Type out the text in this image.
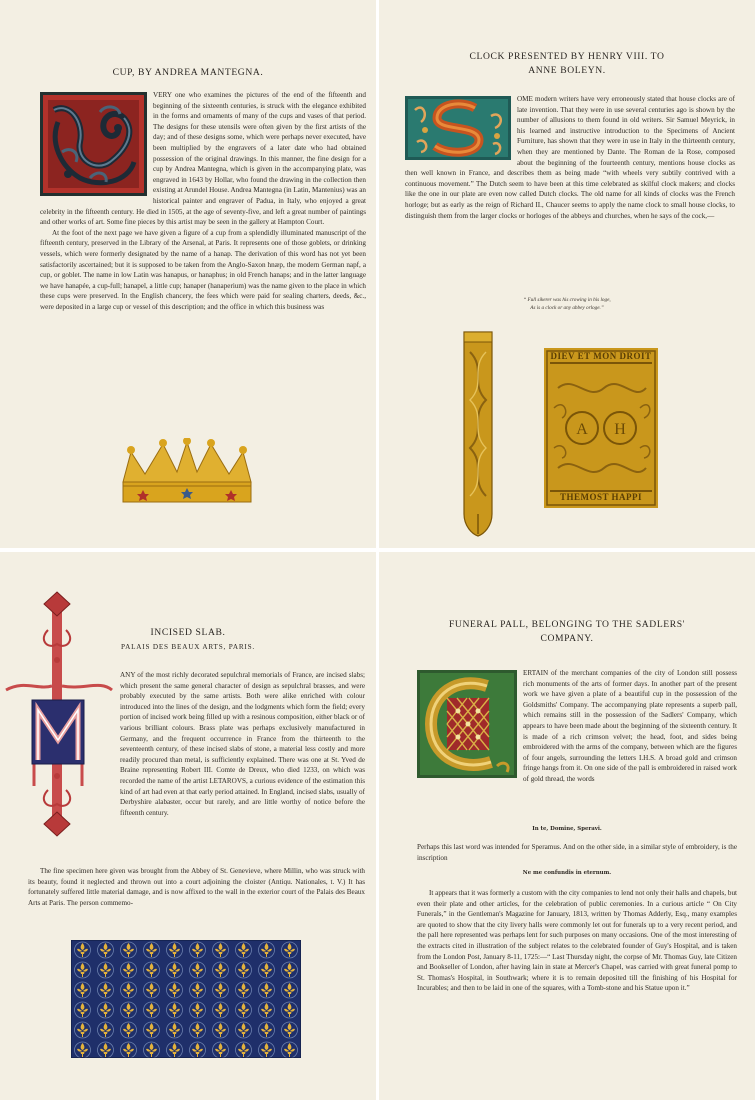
CUP, BY ANDREA MANTEGNA.

VERY one who examines the pictures of the end of the fifteenth and beginning of the sixteenth centuries, is struck with the elegance exhibited in the forms and ornaments of many of the cups and vases of that period. The designs for these utensils were often given by the first artists of the day; and of these designs some, which were perhaps never executed, have been multiplied by the engravers of a later date who had obtained possession of the original drawings. In this manner, the fine design for a cup by Andrea Mantegna, which is given in the accompanying plate, was engraved in 1643 by Hollar, who found the drawing in the collection then existing at Arundel House. Andrea Mantegna (in Latin, Mantenius) was an historical painter and engraver of Padua, in Italy, who enjoyed a great celebrity in the fifteenth century. He died in 1505, at the age of seventy-five, and left a great number of paintings and other works of art. Some fine pieces by this artist may be seen in the gallery at Hampton Court.

At the foot of the next page we have given a figure of a cup from a splendidly illuminated manuscript of the fifteenth century, preserved in the Library of the Arsenal, at Paris. It represents one of those goblets, or drinking vessels, which were formerly designated by the name of a hanap. The derivation of this word has not yet been satisfactorily ascertained; but it is supposed to be taken from the Anglo-Saxon hnæp, the modern German napf, a cup, or goblet. The name in low Latin was hanapus, or hanaphus; in old French hanaps; and in the latter language we have hanapée, a cup-full; hanapel, a little cup; hanaper (hanaperium) was the name given to the place in which these cups were preserved. In the English chancery, the fees which were paid for sealing charters, deeds, &c., were deposited in a large cup or vessel of this description; and the office in which this business was

CLOCK PRESENTED BY HENRY VIII. TO
ANNE BOLEYN.

OME modern writers have very erroneously stated that house clocks are of late invention. That they were in use several centuries ago is shown by the number of allusions to them found in old writers. Sir Samuel Meyrick, in his learned and instructive introduction to the Specimens of Ancient Furniture, has shown that they were in use in Italy in the thirteenth century, when they are mentioned by Dante. The Roman de la Rose, composed about the beginning of the fourteenth century, mentions house clocks as then well known in France, and describes them as being made “with wheels very subtily contrived with a continuous movement.” The Dutch seem to have been at this time celebrated as skilful clock makers; and clocks like the one in our plate are even now called Dutch clocks. The old name for all kinds of clocks was the French horloge; but as early as the reign of Richard II., Chaucer seems to apply the name clock to small house clocks, to distinguish them from the larger clocks or horloges of the abbeys and churches, when he says of the cock,—

“ Full sikerer was his crowing in his loge,
As is a clock or any abbey orloge.”
A H
DIEV ET MON DROIT
THEMOST HAPPI
INCISED SLAB.
PALAIS DES BEAUX ARTS, PARIS.

ANY of the most richly decorated sepulchral memorials of France, are incised slabs; which present the same general character of design as sepulchral brasses, and were probably executed by the same artists. Both were alike enriched with colour introduced into the lines of the design, and the lodgments which form the field; every portion of incised work being filled up with a resinous composition, either black or of various brilliant colours. Brass plate was perhaps exclusively manufactured in Germany, and the frequent occurrence in France from the thirteenth to the seventeenth century, of these incised slabs of stone, a material less costly and more readily procured than metal, is sufficiently explained. There was one at St. Yved de Braine representing Robert III. Comte de Dreux, who died 1233, on which was recorded the name of the artist LETAROVS, a curious evidence of the estimation this kind of art had even at that early period attained. In England, incised slabs, usually of Derbyshire alabaster, occur but rarely, and are little worthy of notice before the fifteenth century.

The fine specimen here given was brought from the Abbey of St. Genevieve, where Millin, who was struck with its beauty, found it neglected and thrown out into a court adjoining the cloister (Antiqu. Nationales, t. V.) It has fortunately suffered little material damage, and is now affixed to the wall in the exterior court of the Palais des Beaux Arts at Paris. The person commemo-

FUNERAL PALL, BELONGING TO THE SADLERS'
COMPANY.

ERTAIN of the merchant companies of the city of London still possess rich monuments of the arts of former days. In another part of the present work we have given a plate of a beautiful cup in the possession of the Goldsmiths' Company. The accompanying plate represents a superb pall, which remains still in the possession of the Sadlers' Company, which appears to have been made about the beginning of the sixteenth century. It is made of a rich crimson velvet; the head, foot, and sides being embroidered with the arms of the company, between which are the figures of four angels, surrounding the letters I.H.S. A broad gold and crimson fringe hangs from it. On one side of the pall is embroidered in raised work of gold thread, the words

In te, Domine, Speravi.

Perhaps this last word was intended for Speramus. And on the other side, in a similar style of embroidery, is the inscription

Ne me confundis in eternum.

It appears that it was formerly a custom with the city companies to lend not only their halls and chapels, but even their plate and other articles, for the celebration of public ceremonies. In a curious article “ On City Funerals,” in the Gentleman's Magazine for January, 1813, written by Thomas Adderly, Esq., many examples are quoted to show that the city livery halls were commonly let out for funerals up to a very recent period, and the pall here represented was perhaps lent for such purposes on many occasions. One of the most interesting of the extracts cited in illustration of the subject relates to the celebrated founder of Guy's Hospital, and is taken from the London Post, January 8-11, 1725:—“ Last Thursday night, the corpse of Mr. Thomas Guy, late Citizen and Bookseller of London, after having lain in state at Mercer's Chapel, was carried with great funeral pomp to St. Thomas's Hospital, in Southwark; where it is to remain deposited till the finishing of his Hospital for Incurables; and then to be laid in one of the squares, with a Tomb-stone and his Statue upon it.”
